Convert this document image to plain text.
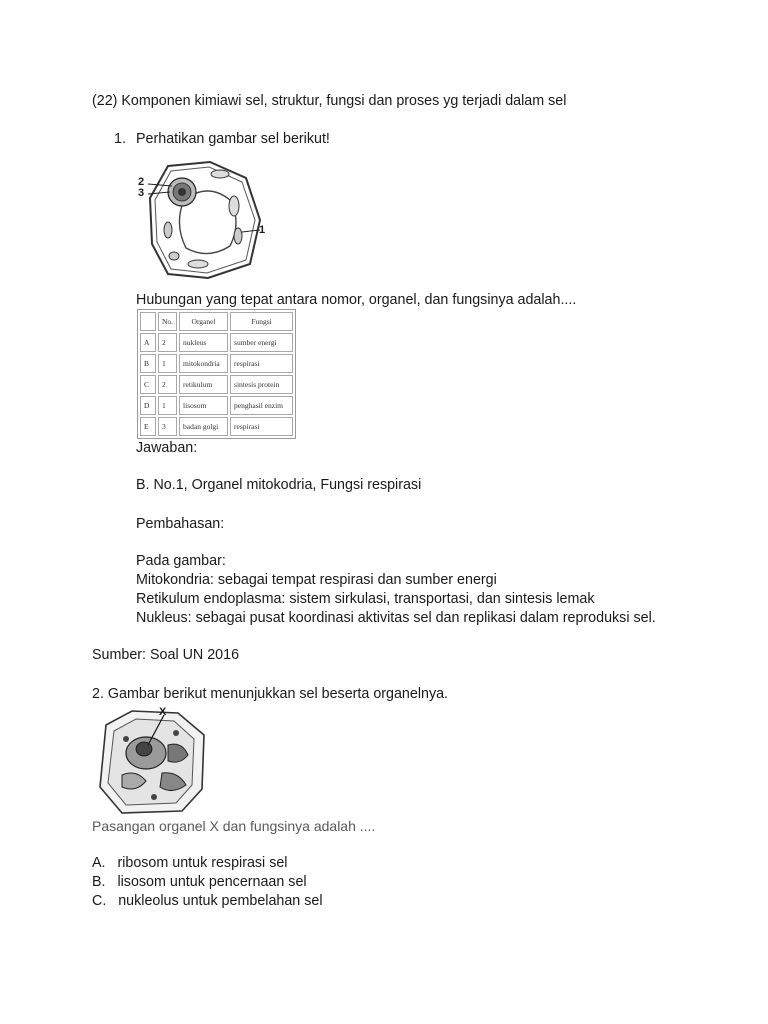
(22) Komponen kimiawi sel, struktur, fungsi dan proses yg terjadi dalam sel
1. Perhatikan gambar sel berikut!
2
3
1
Hubungan yang tepat antara nomor, organel, dan fungsinya adalah....
	No.	Organel	Fungsi
A	2	nukleus	sumber energi
B	1	mitokondria	respirasi
C	2	retikulum	sintesis protein
D	1	lisosom	penghasil enzim
E	3	badan golgi	respirasi
Jawaban:
B. No.1, Organel mitokodria, Fungsi respirasi
Pembahasan:
Pada gambar:
Mitokondria: sebagai tempat respirasi dan sumber energi
Retikulum endoplasma: sistem sirkulasi, transportasi, dan sintesis lemak
Nukleus: sebagai pusat koordinasi aktivitas sel dan replikasi dalam reproduksi sel.
Sumber: Soal UN 2016
2. Gambar berikut menunjukkan sel beserta organelnya.
X
Pasangan organel X dan fungsinya adalah ....
A. ribosom untuk respirasi sel
B. lisosom untuk pencernaan sel
C. nukleolus untuk pembelahan sel
